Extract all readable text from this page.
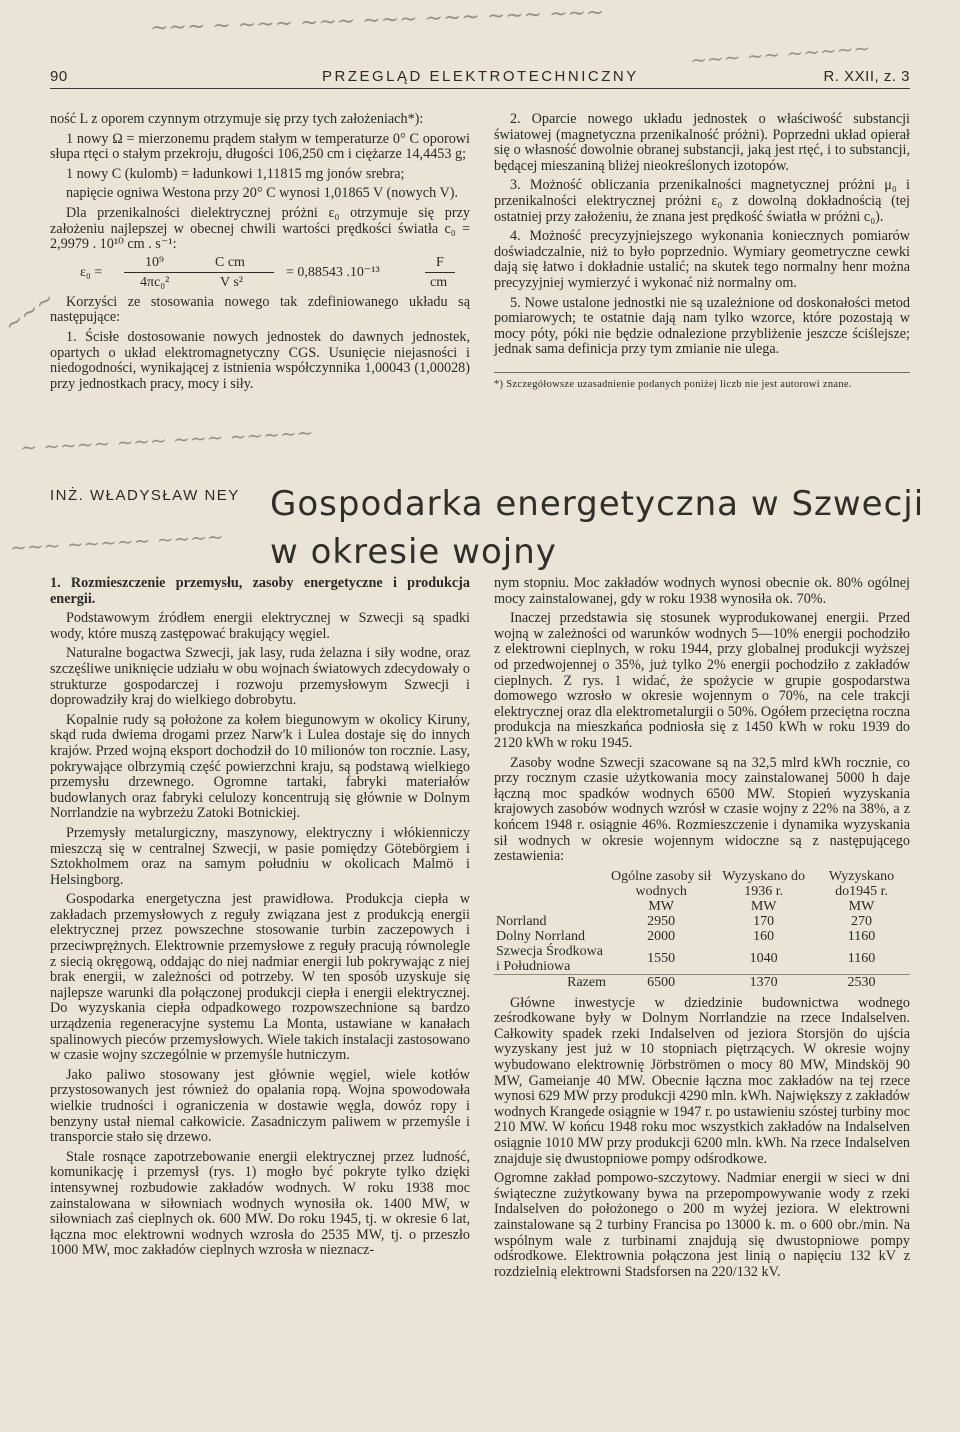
~~~ ~ ~~~ ~~~ ~~~ ~~~ ~~~ ~~~
~~~ ~~ ~~~~~
~~~
~ ~~~~ ~~~ ~~~ ~~~~~
~~~ ~~~~~ ~~~~
90	PRZEGLĄD ELEKTROTECHNICZNY	R. XXII, z. 3

ność L z oporem czynnym otrzymuje się przy tych założeniach*):

1 nowy Ω = mierzonemu prądem stałym w temperaturze 0° C oporowi słupa rtęci o stałym przekroju, długości 106,250 cm i ciężarze 14,4453 g;

1 nowy C (kulomb) = ładunkowi 1,11815 mg jonów srebra;

napięcie ogniwa Westona przy 20° C wynosi 1,01865 V (nowych V).

Dla przenikalności dielektrycznej próżni ε₀ otrzymuje się przy założeniu najlepszej w obecnej chwili wartości prędkości światła c₀ = 2,9979 . 10¹⁰ cm . s⁻¹:

ε₀ =
10⁹
4πc₀²
C cm
V s²
= 0,88543 .10⁻¹³
F
cm

Korzyści ze stosowania nowego tak zdefiniowanego układu są następujące:

1. Ścisłe dostosowanie nowych jednostek do dawnych jednostek, opartych o układ elektromagnetyczny CGS. Usunięcie niejasności i niedogodności, wynikającej z istnienia współczynnika 1,00043 (1,00028) przy jednostkach pracy, mocy i siły.

2. Oparcie nowego układu jednostek o właściwość substancji światowej (magnetyczna przenikalność próżni). Poprzedni układ opierał się o własność dowolnie obranej substancji, jaką jest rtęć, i to substancji, będącej mieszaniną bliżej nieokreślonych izotopów.

3. Możność obliczania przenikalności magnetycznej próżni μ₀ i przenikalności elektrycznej próżni ε₀ z dowolną dokładnością (tej ostatniej przy założeniu, że znana jest prędkość światła w próżni c₀).

4. Możność precyzyjniejszego wykonania koniecznych pomiarów doświadczalnie, niż to było poprzednio. Wymiary geometryczne cewki dają się łatwo i dokładnie ustalić; na skutek tego normalny henr można precyzyjniej wymierzyć i wykonać niż normalny om.

5. Nowe ustalone jednostki nie są uzależnione od doskonałości metod pomiarowych; te ostatnie dają nam tylko wzorce, które pozostają w mocy póty, póki nie będzie odnalezione przybliżenie jeszcze ściślejsze; jednak sama definicja przy tym zmianie nie ulega.

*) Szczegółowsze uzasadnienie podanych poniżej liczb nie jest autorowi znane.
INŻ. WŁADYSŁAW NEY Gospodarka energetyczna w Szwecji
w okresie wojny

1. Rozmieszczenie przemysłu, zasoby energetyczne i produkcja energii.

Podstawowym źródłem energii elektrycznej w Szwecji są spadki wody, które muszą zastępować brakujący węgiel.

Naturalne bogactwa Szwecji, jak lasy, ruda żelazna i siły wodne, oraz szczęśliwe uniknięcie udziału w obu wojnach światowych zdecydowały o strukturze gospodarczej i rozwoju przemysłowym Szwecji i doprowadziły kraj do wielkiego dobrobytu.

Kopalnie rudy są położone za kołem biegunowym w okolicy Kiruny, skąd ruda dwiema drogami przez Narw'k i Lulea dostaje się do innych krajów. Przed wojną eksport dochodził do 10 milionów ton rocznie. Lasy, pokrywające olbrzymią część powierzchni kraju, są podstawą wielkiego przemysłu drzewnego. Ogromne tartaki, fabryki materiałów budowlanych oraz fabryki celulozy koncentrują się głównie w Dolnym Norrlandzie na wybrzeżu Zatoki Botnickiej.

Przemysły metalurgiczny, maszynowy, elektryczny i włókienniczy mieszczą się w centralnej Szwecji, w pasie pomiędzy Götebörgiem i Sztokholmem oraz na samym południu w okolicach Malmö i Helsingborg.

Gospodarka energetyczna jest prawidłowa. Produkcja ciepła w zakładach przemysłowych z reguły związana jest z produkcją energii elektrycznej przez powszechne stosowanie turbin zaczepowych i przeciwprężnych. Elektrownie przemysłowe z reguły pracują równolegle z siecią okręgową, oddając do niej nadmiar energii lub pokrywając z niej brak energii, w zależności od potrzeby. W ten sposób uzyskuje się najlepsze warunki dla połączonej produkcji ciepła i energii elektrycznej. Do wyzyskania ciepła odpadkowego rozpowszechnione są bardzo urządzenia regeneracyjne systemu La Monta, ustawiane w kanałach spalinowych pieców przemysłowych. Wiele takich instalacji zastosowano w czasie wojny szczególnie w przemyśle hutniczym.

Jako paliwo stosowany jest głównie węgiel, wiele kotłów przystosowanych jest również do opalania ropą. Wojna spowodowała wielkie trudności i ograniczenia w dostawie węgla, dowóz ropy i benzyny ustał niemal całkowicie. Zasadniczym paliwem w przemyśle i transporcie stało się drzewo.

Stale rosnące zapotrzebowanie energii elektrycznej przez ludność, komunikację i przemysł (rys. 1) mogło być pokryte tylko dzięki intensywnej rozbudowie zakładów wodnych. W roku 1938 moc zainstalowana w siłowniach wodnych wynosiła ok. 1400 MW, w siłowniach zaś cieplnych ok. 600 MW. Do roku 1945, tj. w okresie 6 lat, łączna moc elektrowni wodnych wzrosła do 2535 MW, tj. o przeszło 1000 MW, moc zakładów cieplnych wzrosła w nieznacz-

nym stopniu. Moc zakładów wodnych wynosi obecnie ok. 80% ogólnej mocy zainstalowanej, gdy w roku 1938 wynosiła ok. 70%.

Inaczej przedstawia się stosunek wyprodukowanej energii. Przed wojną w zależności od warunków wodnych 5—10% energii pochodziło z elektrowni cieplnych, w roku 1944, przy globalnej produkcji wyższej od przedwojennej o 35%, już tylko 2% energii pochodziło z zakładów cieplnych. Z rys. 1 widać, że spożycie w grupie gospodarstwa domowego wzrosło w okresie wojennym o 70%, na cele trakcji elektrycznej oraz dla elektrometalurgii o 50%. Ogółem przeciętna roczna produkcja na mieszkańca podniosła się z 1450 kWh w roku 1939 do 2120 kWh w roku 1945.

Zasoby wodne Szwecji szacowane są na 32,5 mlrd kWh rocznie, co przy rocznym czasie użytkowania mocy zainstalowanej 5000 h daje łączną moc spadków wodnych 6500 MW. Stopień wyzyskania krajowych zasobów wodnych wzrósł w czasie wojny z 22% na 38%, a z końcem 1948 r. osiągnie 46%. Rozmieszczenie i dynamika wyzyskania sił wodnych w okresie wojennym widoczne są z następującego zestawienia:

	Ogólne zasoby sił wodnych	Wyzyskano do 1936 r.	Wyzyskano do1945 r.
	MW	MW	MW
Norrland	2950	170	270
Dolny Norrland	2000	160	1160
Szwecja Środkowa i Południowa	1550	1040	1160
Razem	6500	1370	2530

Główne inwestycje w dziedzinie budownictwa wodnego ześrodkowane były w Dolnym Norrlandzie na rzece Indalselven. Całkowity spadek rzeki Indalselven od jeziora Storsjön do ujścia wyzyskany jest już w 10 stopniach piętrzących. W okresie wojny wybudowano elektrownię Jörbströmen o mocy 80 MW, Mindsköj 90 MW, Gameianje 40 MW. Obecnie łączna moc zakładów na tej rzece wynosi 629 MW przy produkcji 4290 mln. kWh. Największy z zakładów wodnych Krangede osiągnie w 1947 r. po ustawieniu szóstej turbiny moc 210 MW. W końcu 1948 roku moc wszystkich zakładów na Indalselven osiągnie 1010 MW przy produkcji 6200 mln. kWh. Na rzece Indalselven znajduje się dwustopniowe pompy odśrodkowe.

Ogromne zakład pompowo-szczytowy. Nadmiar energii w sieci w dni świąteczne zużytkowany bywa na przepompowywanie wody z rzeki Indalselven do położonego o 200 m wyżej jeziora. W elektrowni zainstalowane są 2 turbiny Francisa po 13000 k. m. o 600 obr./min. Na wspólnym wale z turbinami znajdują się dwustopniowe pompy odśrodkowe. Elektrownia połączona jest linią o napięciu 132 kV z rozdzielnią elektrowni Stadsforsen na 220/132 kV.
